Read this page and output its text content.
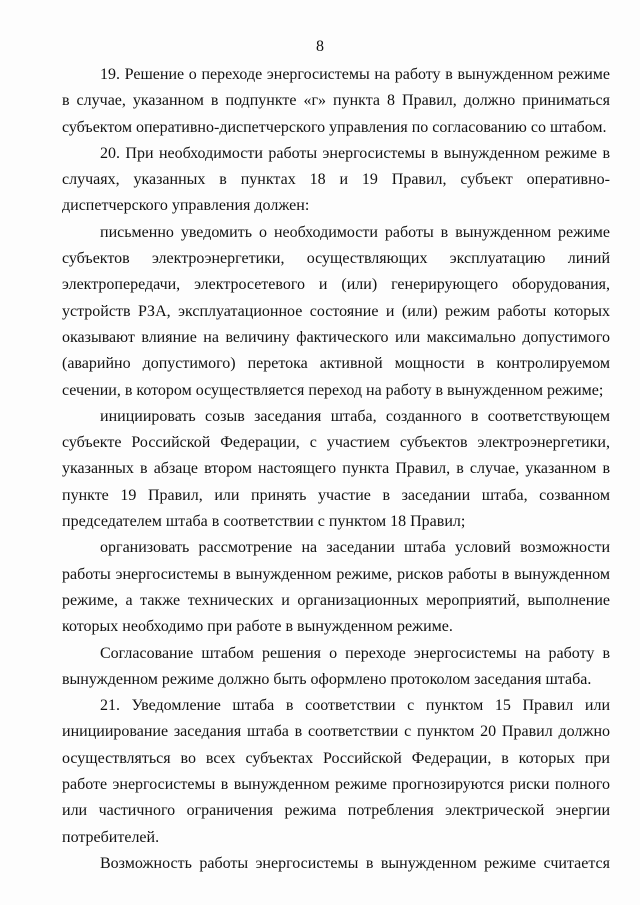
8

19. Решение о переходе энергосистемы на работу в вынужденном режиме в случае, указанном в подпункте «г» пункта 8 Правил, должно приниматься субъектом оперативно-диспетчерского управления по согласованию со штабом.

20. При необходимости работы энергосистемы в вынужденном режиме в случаях, указанных в пунктах 18 и 19 Правил, субъект оперативно-диспетчерского управления должен:

письменно уведомить о необходимости работы в вынужденном режиме субъектов электроэнергетики, осуществляющих эксплуатацию линий электропередачи, электросетевого и (или) генерирующего оборудования, устройств РЗА, эксплуатационное состояние и (или) режим работы которых оказывают влияние на величину фактического или максимально допустимого (аварийно допустимого) перетока активной мощности в контролируемом сечении, в котором осуществляется переход на работу в вынужденном режиме;

инициировать созыв заседания штаба, созданного в соответствующем субъекте Российской Федерации, с участием субъектов электроэнергетики, указанных в абзаце втором настоящего пункта Правил, в случае, указанном в пункте 19 Правил, или принять участие в заседании штаба, созванном председателем штаба в соответствии с пунктом 18 Правил;

организовать рассмотрение на заседании штаба условий возможности работы энергосистемы в вынужденном режиме, рисков работы в вынужденном режиме, а также технических и организационных мероприятий, выполнение которых необходимо при работе в вынужденном режиме.

Согласование штабом решения о переходе энергосистемы на работу в вынужденном режиме должно быть оформлено протоколом заседания штаба.

21. Уведомление штаба в соответствии с пунктом 15 Правил или инициирование заседания штаба в соответствии с пунктом 20 Правил должно осуществляться во всех субъектах Российской Федерации, в которых при работе энергосистемы в вынужденном режиме прогнозируются риски полного или частичного ограничения режима потребления электрической энергии потребителей.

Возможность работы энергосистемы в вынужденном режиме считается
